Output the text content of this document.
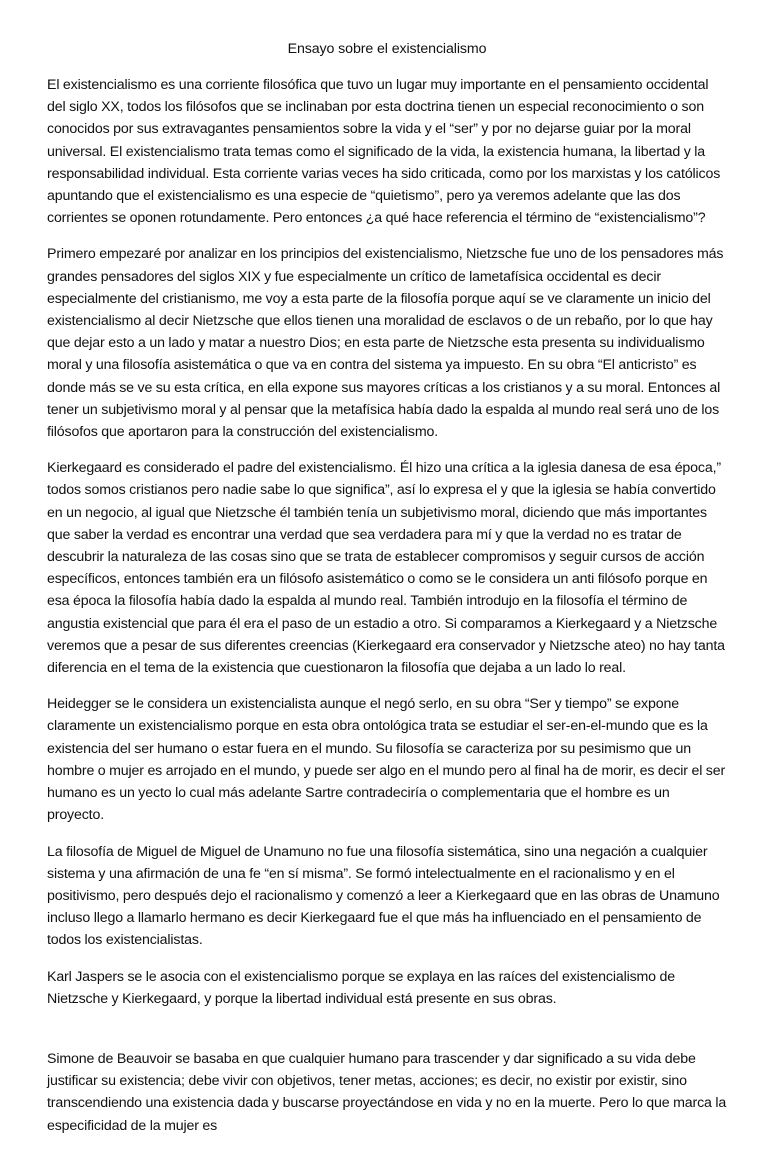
Ensayo sobre el existencialismo

El existencialismo es una corriente filosófica que tuvo un lugar muy importante en el pensamiento occidental del siglo XX, todos los filósofos que se inclinaban por esta doctrina tienen un especial reconocimiento o son conocidos por sus extravagantes pensamientos sobre la vida y el “ser” y por no dejarse guiar por la moral universal. El existencialismo trata temas como el significado de la vida, la existencia humana, la libertad y la responsabilidad individual. Esta corriente varias veces ha sido criticada, como por los marxistas y los católicos apuntando que el existencialismo es una especie de “quietismo”, pero ya veremos adelante que las dos corrientes se oponen rotundamente. Pero entonces ¿a qué hace referencia el término de “existencialismo”?

Primero empezaré por analizar en los principios del existencialismo, Nietzsche fue uno de los pensadores más grandes pensadores del siglos XIX y fue especialmente un crítico de lametafísica occidental es decir especialmente del cristianismo, me voy a esta parte de la filosofía porque aquí se ve claramente un inicio del existencialismo al decir Nietzsche que ellos tienen una moralidad de esclavos o de un rebaño, por lo que hay que dejar esto a un lado y matar a nuestro Dios; en esta parte de Nietzsche esta presenta su individualismo moral y una filosofía asistemática o que va en contra del sistema ya impuesto. En su obra “El anticristo” es donde más se ve su esta crítica, en ella expone sus mayores críticas a los cristianos y a su moral. Entonces al tener un subjetivismo moral y al pensar que la metafísica había dado la espalda al mundo real será uno de los filósofos que aportaron para la construcción del existencialismo.

Kierkegaard es considerado el padre del existencialismo. Él hizo una crítica a la iglesia danesa de esa época,” todos somos cristianos pero nadie sabe lo que significa”, así lo expresa el y que la iglesia se había convertido en un negocio, al igual que Nietzsche él también tenía un subjetivismo moral, diciendo que más importantes que saber la verdad es encontrar una verdad que sea verdadera para mí y que la verdad no es tratar de descubrir la naturaleza de las cosas sino que se trata de establecer compromisos y seguir cursos de acción específicos, entonces también era un filósofo asistemático o como se le considera un anti filósofo porque en esa época la filosofía había dado la espalda al mundo real. También introdujo en la filosofía el término de angustia existencial que para él era el paso de un estadio a otro. Si comparamos a Kierkegaard y a Nietzsche veremos que a pesar de sus diferentes creencias (Kierkegaard era conservador y Nietzsche ateo) no hay tanta diferencia en el tema de la existencia que cuestionaron la filosofía que dejaba a un lado lo real.

Heidegger se le considera un existencialista aunque el negó serlo, en su obra “Ser y tiempo” se expone claramente un existencialismo porque en esta obra ontológica trata se estudiar el ser-en-el-mundo que es la existencia del ser humano o estar fuera en el mundo. Su filosofía se caracteriza por su pesimismo que un hombre o mujer es arrojado en el mundo, y puede ser algo en el mundo pero al final ha de morir, es decir el ser humano es un yecto lo cual más adelante Sartre contradeciría o complementaria que el hombre es un proyecto.

La filosofía de Miguel de Miguel de Unamuno no fue una filosofía sistemática, sino una negación a cualquier sistema y una afirmación de una fe “en sí misma”. Se formó intelectualmente en el racionalismo y en el positivismo, pero después dejo el racionalismo y comenzó a leer a Kierkegaard que en las obras de Unamuno incluso llego a llamarlo hermano es decir Kierkegaard fue el que más ha influenciado en el pensamiento de todos los existencialistas.

Karl Jaspers se le asocia con el existencialismo porque se explaya en las raíces del existencialismo de Nietzsche y Kierkegaard, y porque la libertad individual está presente en sus obras.

Simone de Beauvoir se basaba en que cualquier humano para trascender y dar significado a su vida debe justificar su existencia; debe vivir con objetivos, tener metas, acciones; es decir, no existir por existir, sino transcendiendo una existencia dada y buscarse proyectándose en vida y no en la muerte. Pero lo que marca la especificidad de la mujer es
